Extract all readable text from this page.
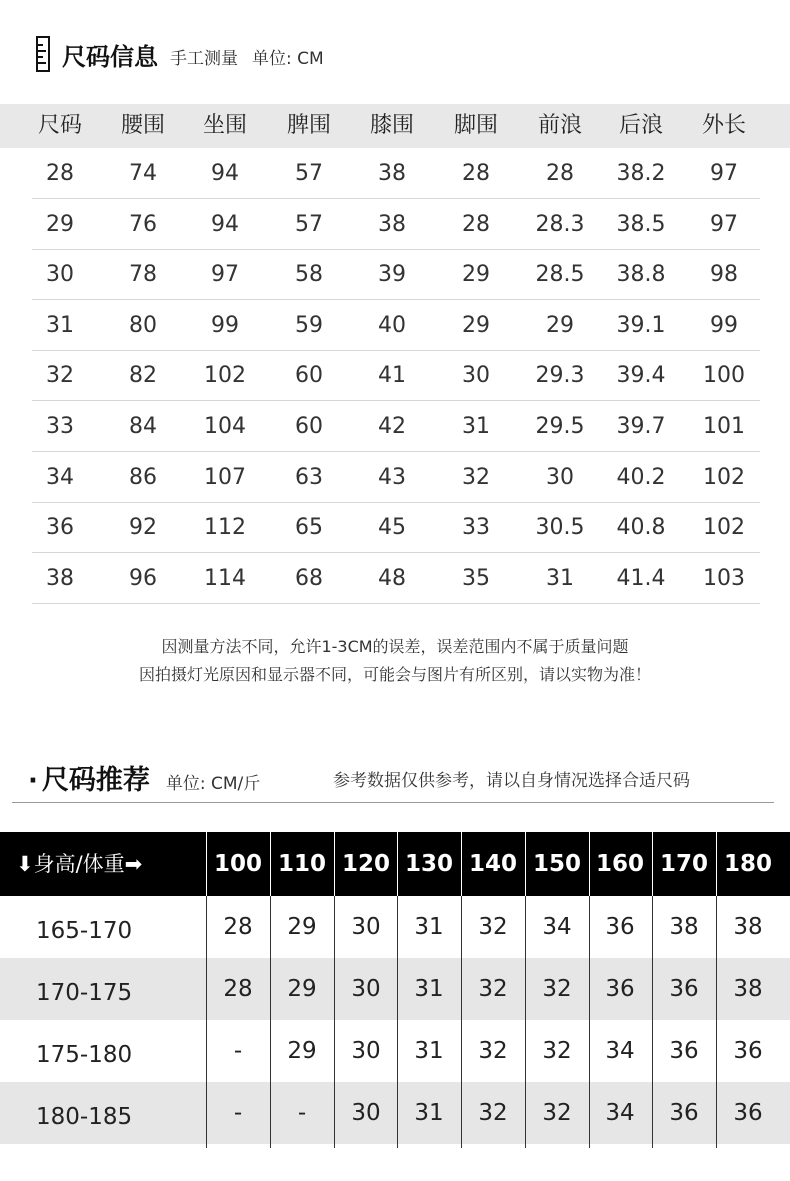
尺码信息 手工测量 单位: CM
尺码 腰围 坐围 脾围 膝围 脚围 前浪 后浪 外长
28	74 94	57	38	28	28 38.2 97
29	76 94	57	38	28 28.3 38.5 97
30	78 97	58	39	29 28.5 38.8 98
31	80 99	59	40	29	29 39.1 99
32	82 102 60	41	30 29.3 39.4 100
33	84 104 60	42	31 29.5 39.7 101
34	86 107 63	43	32	30 40.2 102
36	92 112 65	45	33 30.5 40.8 102
38	96 114 68	48	35	31 41.4 103
因测量方法不同，允许1-3CM的误差，误差范围内不属于质量问题
因拍摄灯光原因和显示器不同，可能会与图片有所区别，请以实物为准！
· 尺码推荐 单位: CM/斤	参考数据仅供参考，请以自身情况选择合适尺码
⬇身高/体重➡	100 110 120 130 140 150 160 170 180
165-170	28 29 30 31 32 34 36 38 38
170-175	28 29 30 31 32 32 36 36 38
175-180	- 29 30 31 32 32 34 36 36
180-185	- - 30 31 32 32 34 36 36
